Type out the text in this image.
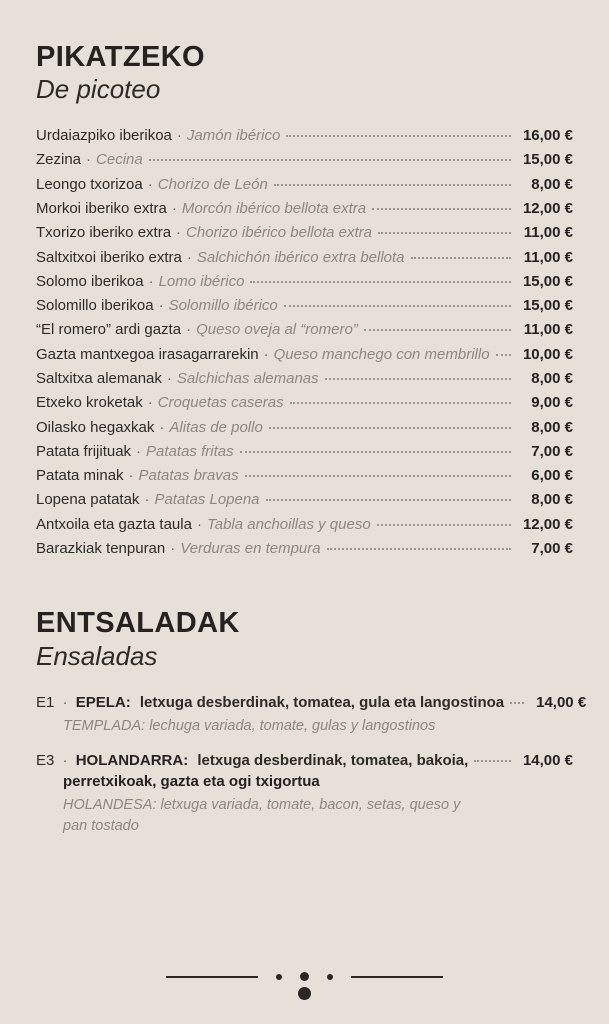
PIKATZEKO
De picoteo
Urdaiazpiko iberikoa · Jamón ibérico	16,00 €
Zezina · Cecina	15,00 €
Leongo txorizoa · Chorizo de León	8,00 €
Morkoi iberiko extra · Morcón ibérico bellota extra	12,00 €
Txorizo iberiko extra · Chorizo ibérico bellota extra	11,00 €
Saltxitxoi iberiko extra · Salchichón ibérico extra bellota	11,00 €
Solomo iberikoa · Lomo ibérico	15,00 €
Solomillo iberikoa · Solomillo ibérico	15,00 €
“El romero” ardi gazta · Queso oveja al “romero”	11,00 €
Gazta mantxegoa irasagarrarekin · Queso manchego con membrillo	10,00 €
Saltxitxa alemanak · Salchichas alemanas	8,00 €
Etxeko kroketak · Croquetas caseras	9,00 €
Oilasko hegaxkak · Alitas de pollo	8,00 €
Patata frijituak · Patatas fritas	7,00 €
Patata minak · Patatas bravas	6,00 €
Lopena patatak · Patatas Lopena	8,00 €
Antxoila eta gazta taula · Tabla anchoillas y queso	12,00 €
Barazkiak tenpuran · Verduras en tempura	7,00 €
ENTSALADAK
Ensaladas
E1 · EPELA: letxuga desberdinak, tomatea, gula eta langostinoa	14,00 €
TEMPLADA: lechuga variada, tomate, gulas y langostinos
E3 · HOLANDARRA: letxuga desberdinak, tomatea, bakoia,	14,00 €
perretxikoak, gazta eta ogi txigortua
HOLANDESA: letxuga variada, tomate, bacon, setas, queso y pan tostado
